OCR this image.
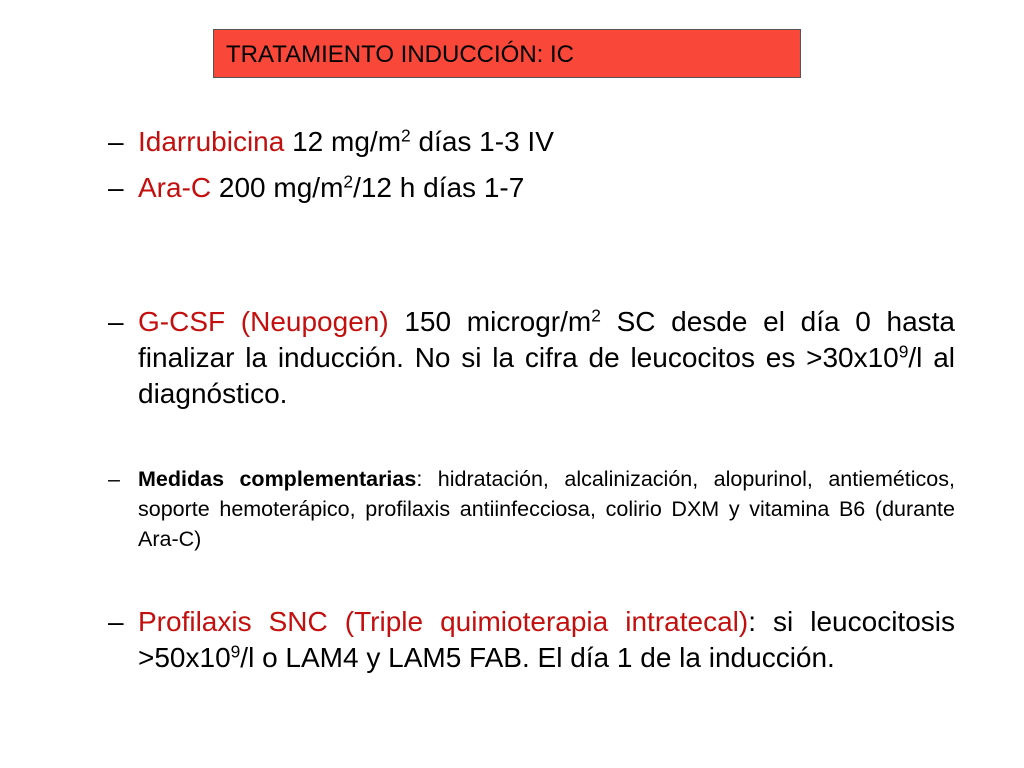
TRATAMIENTO INDUCCIÓN: IC
– Idarrubicina 12 $mg/m^2$ días 1-3 IV
– Ara-C 200 $mg/m^2/12$ h días 1-7
– G-CSF (Neupogen) 150 microgr/$m^2$ SC desde el día 0 hasta finalizar la inducción. No si la cifra de leucocitos es $>30x10^9/l$ al diagnóstico.
– Medidas complementarias: hidratación, alcalinización, alopurinol, antieméticos, soporte hemoterápico, profilaxis antiinfecciosa, colirio DXM y vitamina B6 (durante Ara-C)
– Profilaxis SNC (Triple quimioterapia intratecal): si leucocitosis $>50x10^9/l$ o LAM4 y LAM5 FAB. El día 1 de la inducción.
